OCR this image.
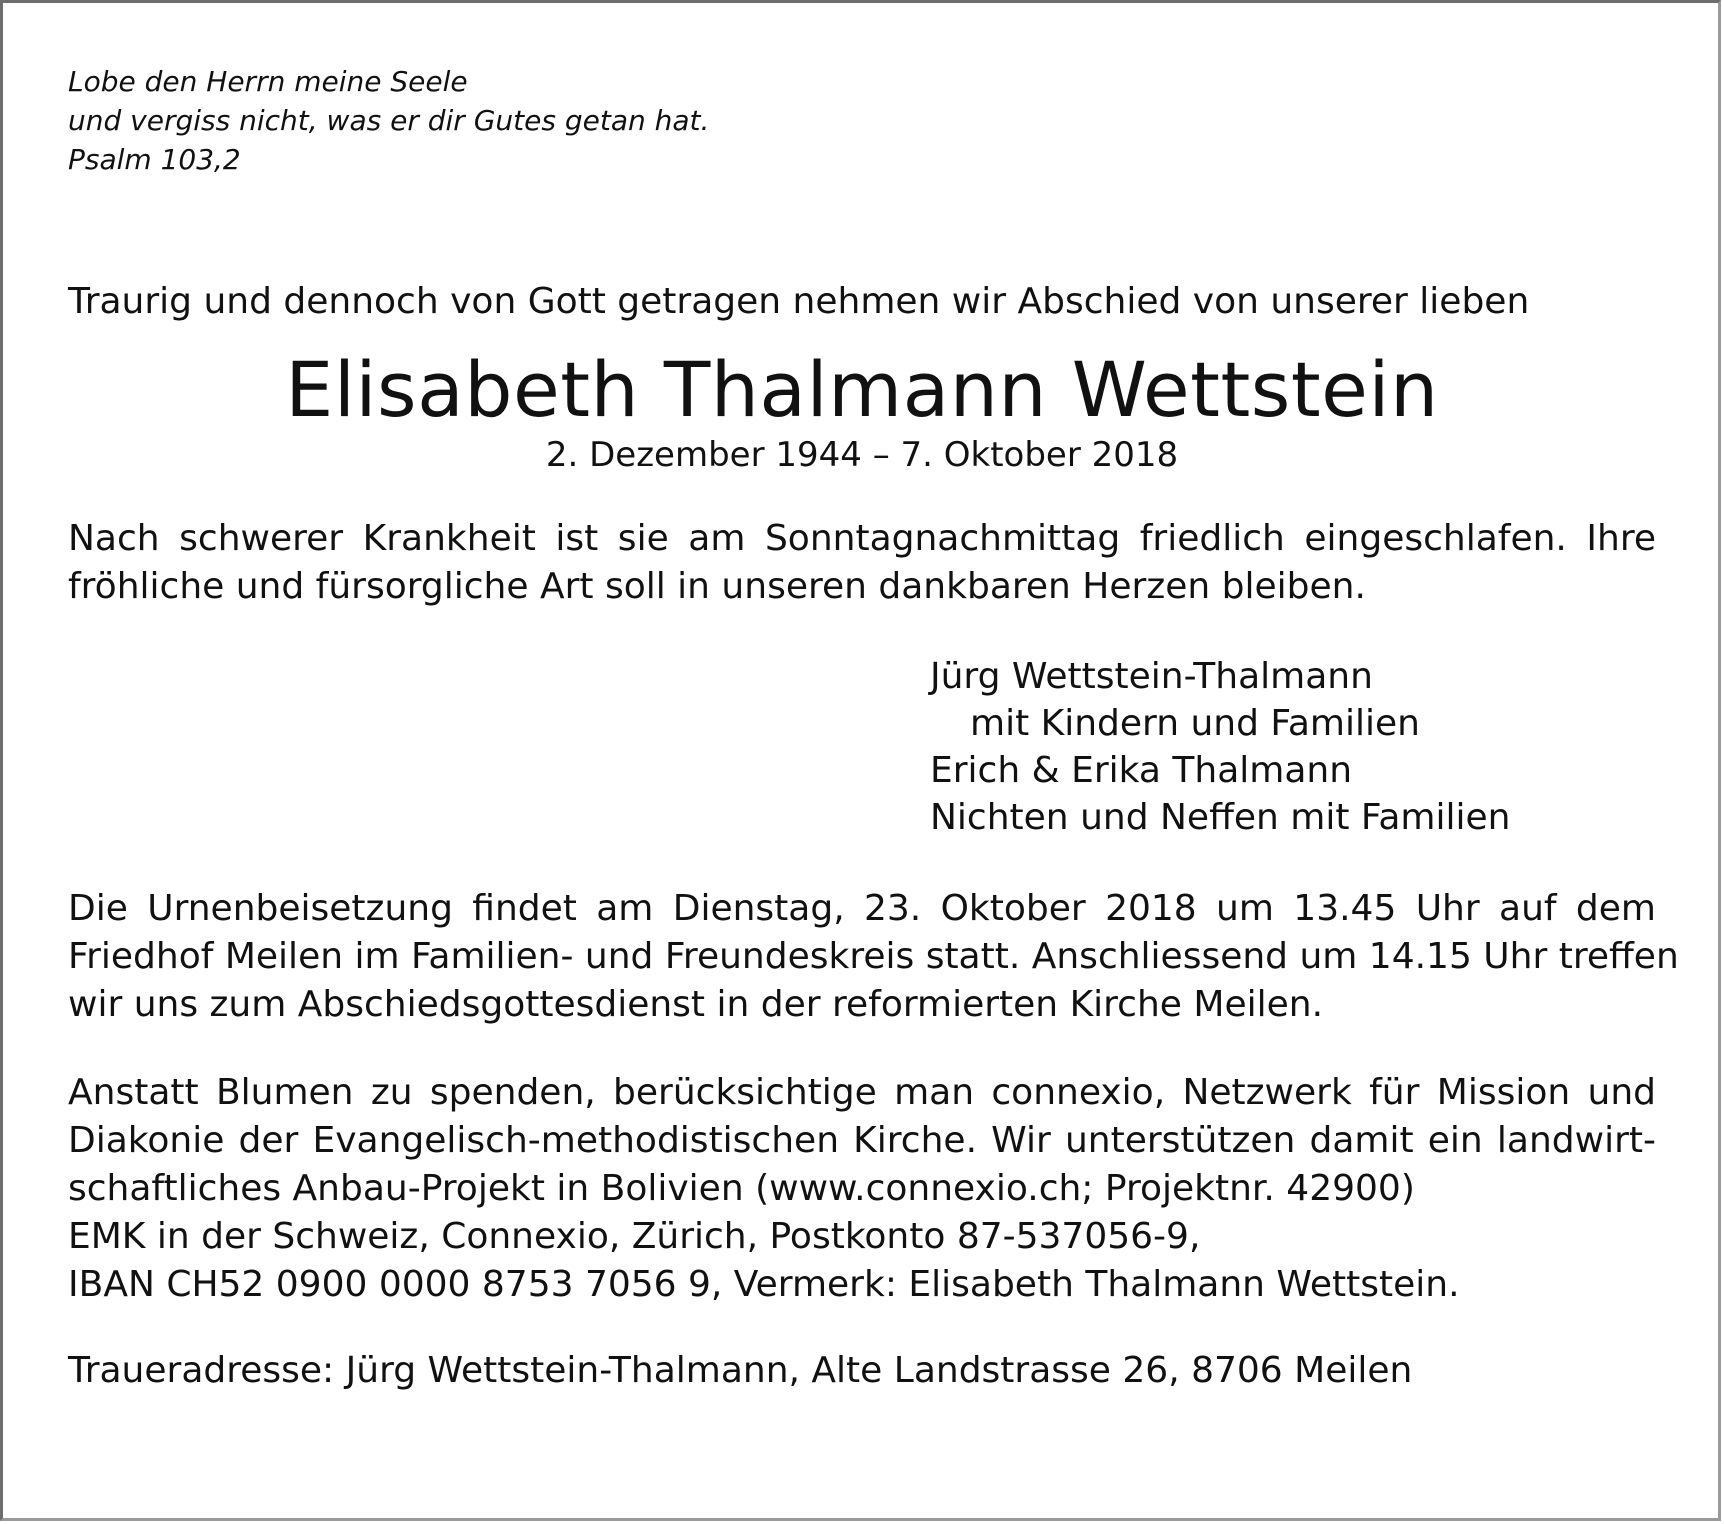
Lobe den Herrn meine Seele
und vergiss nicht, was er dir Gutes getan hat.
Psalm 103,2
Traurig und dennoch von Gott getragen nehmen wir Abschied von unserer lieben
Elisabeth Thalmann Wettstein
2. Dezember 1944 – 7. Oktober 2018
Nach schwerer Krankheit ist sie am Sonntagnachmittag friedlich eingeschlafen. Ihre
fröhliche und fürsorgliche Art soll in unseren dankbaren Herzen bleiben.
Jürg Wettstein-Thalmann
mit Kindern und Familien
Erich & Erika Thalmann
Nichten und Neffen mit Familien
Die Urnenbeisetzung findet am Dienstag, 23. Oktober 2018 um 13.45 Uhr auf dem
Friedhof Meilen im Familien- und Freundeskreis statt. Anschliessend um 14.15 Uhr treffen
wir uns zum Abschiedsgottesdienst in der reformierten Kirche Meilen.
Anstatt Blumen zu spenden, berücksichtige man connexio, Netzwerk für Mission und
Diakonie der Evangelisch-methodistischen Kirche. Wir unterstützen damit ein landwirt-
schaftliches Anbau-Projekt in Bolivien (www.connexio.ch; Projektnr. 42900)
EMK in der Schweiz, Connexio, Zürich, Postkonto 87-537056-9,
IBAN CH52 0900 0000 8753 7056 9, Vermerk: Elisabeth Thalmann Wettstein.
Traueradresse: Jürg Wettstein-Thalmann, Alte Landstrasse 26, 8706 Meilen
